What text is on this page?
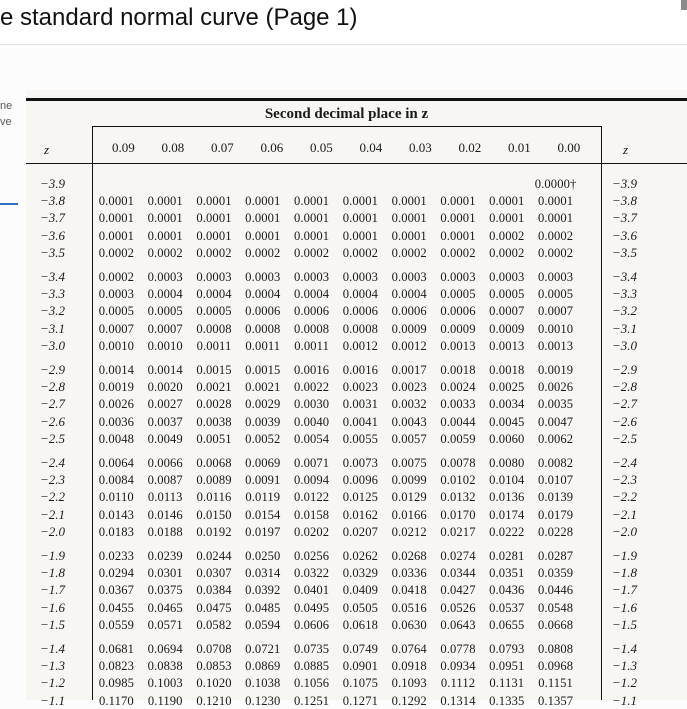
e standard normal curve (Page 1)
ne
ve	Second decimal place in z
z	z
0.09 0.08 0.07 0.06 0.05 0.04 0.03 0.02 0.01 0.00
−3.9	0.0000†	−3.9
−3.8	0.0001 0.0001 0.0001 0.0001 0.0001 0.0001 0.0001 0.0001 0.0001 0.0001	−3.8
−3.7	0.0001 0.0001 0.0001 0.0001 0.0001 0.0001 0.0001 0.0001 0.0001 0.0001	−3.7
−3.6	0.0001 0.0001 0.0001 0.0001 0.0001 0.0001 0.0001 0.0001 0.0002 0.0002	−3.6
−3.5	0.0002 0.0002 0.0002 0.0002 0.0002 0.0002 0.0002 0.0002 0.0002 0.0002	−3.5
−3.4	0.0002 0.0003 0.0003 0.0003 0.0003 0.0003 0.0003 0.0003 0.0003 0.0003	−3.4
−3.3	0.0003 0.0004 0.0004 0.0004 0.0004 0.0004 0.0004 0.0005 0.0005 0.0005	−3.3
−3.2	0.0005 0.0005 0.0005 0.0006 0.0006 0.0006 0.0006 0.0006 0.0007 0.0007	−3.2
−3.1	0.0007 0.0007 0.0008 0.0008 0.0008 0.0008 0.0009 0.0009 0.0009 0.0010	−3.1
−3.0	0.0010 0.0010 0.0011 0.0011 0.0011 0.0012 0.0012 0.0013 0.0013 0.0013	−3.0
−2.9	0.0014 0.0014 0.0015 0.0015 0.0016 0.0016 0.0017 0.0018 0.0018 0.0019	−2.9
−2.8	0.0019 0.0020 0.0021 0.0021 0.0022 0.0023 0.0023 0.0024 0.0025 0.0026	−2.8
−2.7	0.0026 0.0027 0.0028 0.0029 0.0030 0.0031 0.0032 0.0033 0.0034 0.0035	−2.7
−2.6	0.0036 0.0037 0.0038 0.0039 0.0040 0.0041 0.0043 0.0044 0.0045 0.0047	−2.6
−2.5	0.0048 0.0049 0.0051 0.0052 0.0054 0.0055 0.0057 0.0059 0.0060 0.0062	−2.5
−2.4	0.0064 0.0066 0.0068 0.0069 0.0071 0.0073 0.0075 0.0078 0.0080 0.0082	−2.4
−2.3	0.0084 0.0087 0.0089 0.0091 0.0094 0.0096 0.0099 0.0102 0.0104 0.0107	−2.3
−2.2	0.0110 0.0113 0.0116 0.0119 0.0122 0.0125 0.0129 0.0132 0.0136 0.0139	−2.2
−2.1	0.0143 0.0146 0.0150 0.0154 0.0158 0.0162 0.0166 0.0170 0.0174 0.0179	−2.1
−2.0	0.0183 0.0188 0.0192 0.0197 0.0202 0.0207 0.0212 0.0217 0.0222 0.0228	−2.0
−1.9	0.0233 0.0239 0.0244 0.0250 0.0256 0.0262 0.0268 0.0274 0.0281 0.0287	−1.9
−1.8	0.0294 0.0301 0.0307 0.0314 0.0322 0.0329 0.0336 0.0344 0.0351 0.0359	−1.8
−1.7	0.0367 0.0375 0.0384 0.0392 0.0401 0.0409 0.0418 0.0427 0.0436 0.0446	−1.7
−1.6	0.0455 0.0465 0.0475 0.0485 0.0495 0.0505 0.0516 0.0526 0.0537 0.0548	−1.6
−1.5	0.0559 0.0571 0.0582 0.0594 0.0606 0.0618 0.0630 0.0643 0.0655 0.0668	−1.5
−1.4	0.0681 0.0694 0.0708 0.0721 0.0735 0.0749 0.0764 0.0778 0.0793 0.0808	−1.4
−1.3	0.0823 0.0838 0.0853 0.0869 0.0885 0.0901 0.0918 0.0934 0.0951 0.0968	−1.3
−1.2	0.0985 0.1003 0.1020 0.1038 0.1056 0.1075 0.1093 0.1112 0.1131 0.1151	−1.2
−1.1	0.1170 0.1190 0.1210 0.1230 0.1251 0.1271 0.1292 0.1314 0.1335 0.1357	−1.1
